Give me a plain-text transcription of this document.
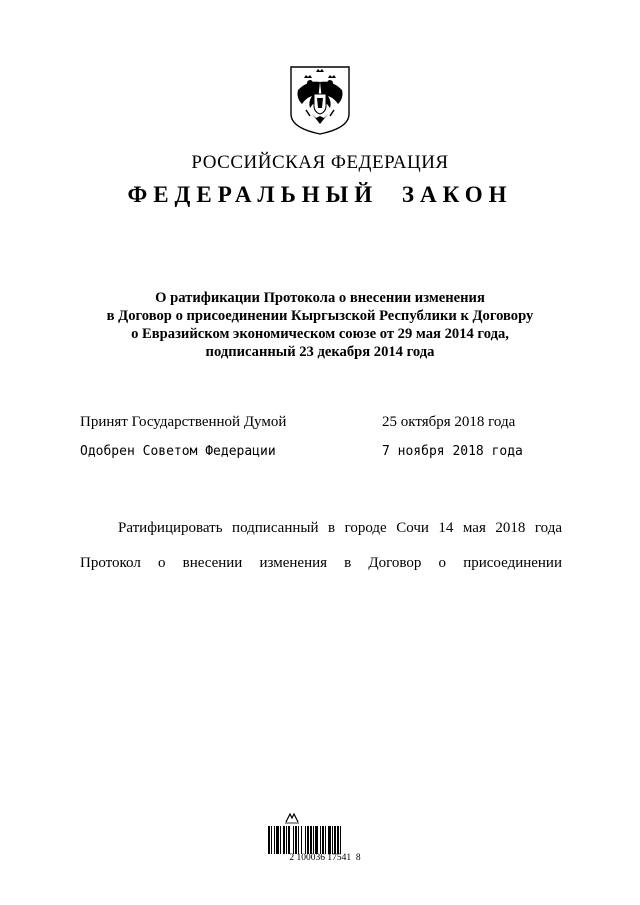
РОССИЙСКАЯ ФЕДЕРАЦИЯ
ФЕДЕРАЛЬНЫЙ ЗАКОН
О ратификации Протокола о внесении изменения
в Договор о присоединении Кыргызской Республики к Договору
о Евразийском экономическом союзе от 29 мая 2014 года,
подписанный 23 декабря 2014 года
Принят Государственной Думой	25 октября 2018 года
Одобрен Советом Федерации	7 ноября 2018 года
Ратифицировать подписанный в городе Сочи 14 мая 2018 года
Протокол о внесении изменения в Договор о присоединении
2 100036 17541  8
